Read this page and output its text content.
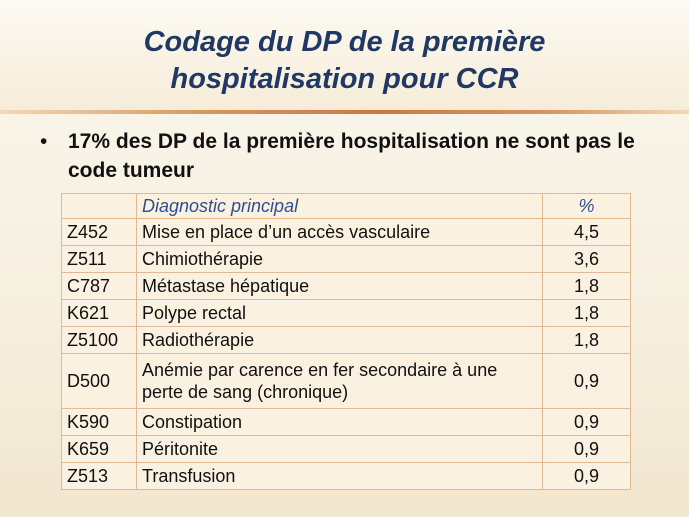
Codage du DP de la première
hospitalisation pour CCR
• 17% des DP de la première hospitalisation ne sont pas le code tumeur
	Diagnostic principal	%
Z452	Mise en place d’un accès vasculaire	4,5
Z511	Chimiothérapie	3,6
C787	Métastase hépatique	1,8
K621	Polype rectal	1,8
Z5100	Radiothérapie	1,8
D500	Anémie par carence en fer secondaire à une perte de sang (chronique)	0,9
K590	Constipation	0,9
K659	Péritonite	0,9
Z513	Transfusion	0,9
